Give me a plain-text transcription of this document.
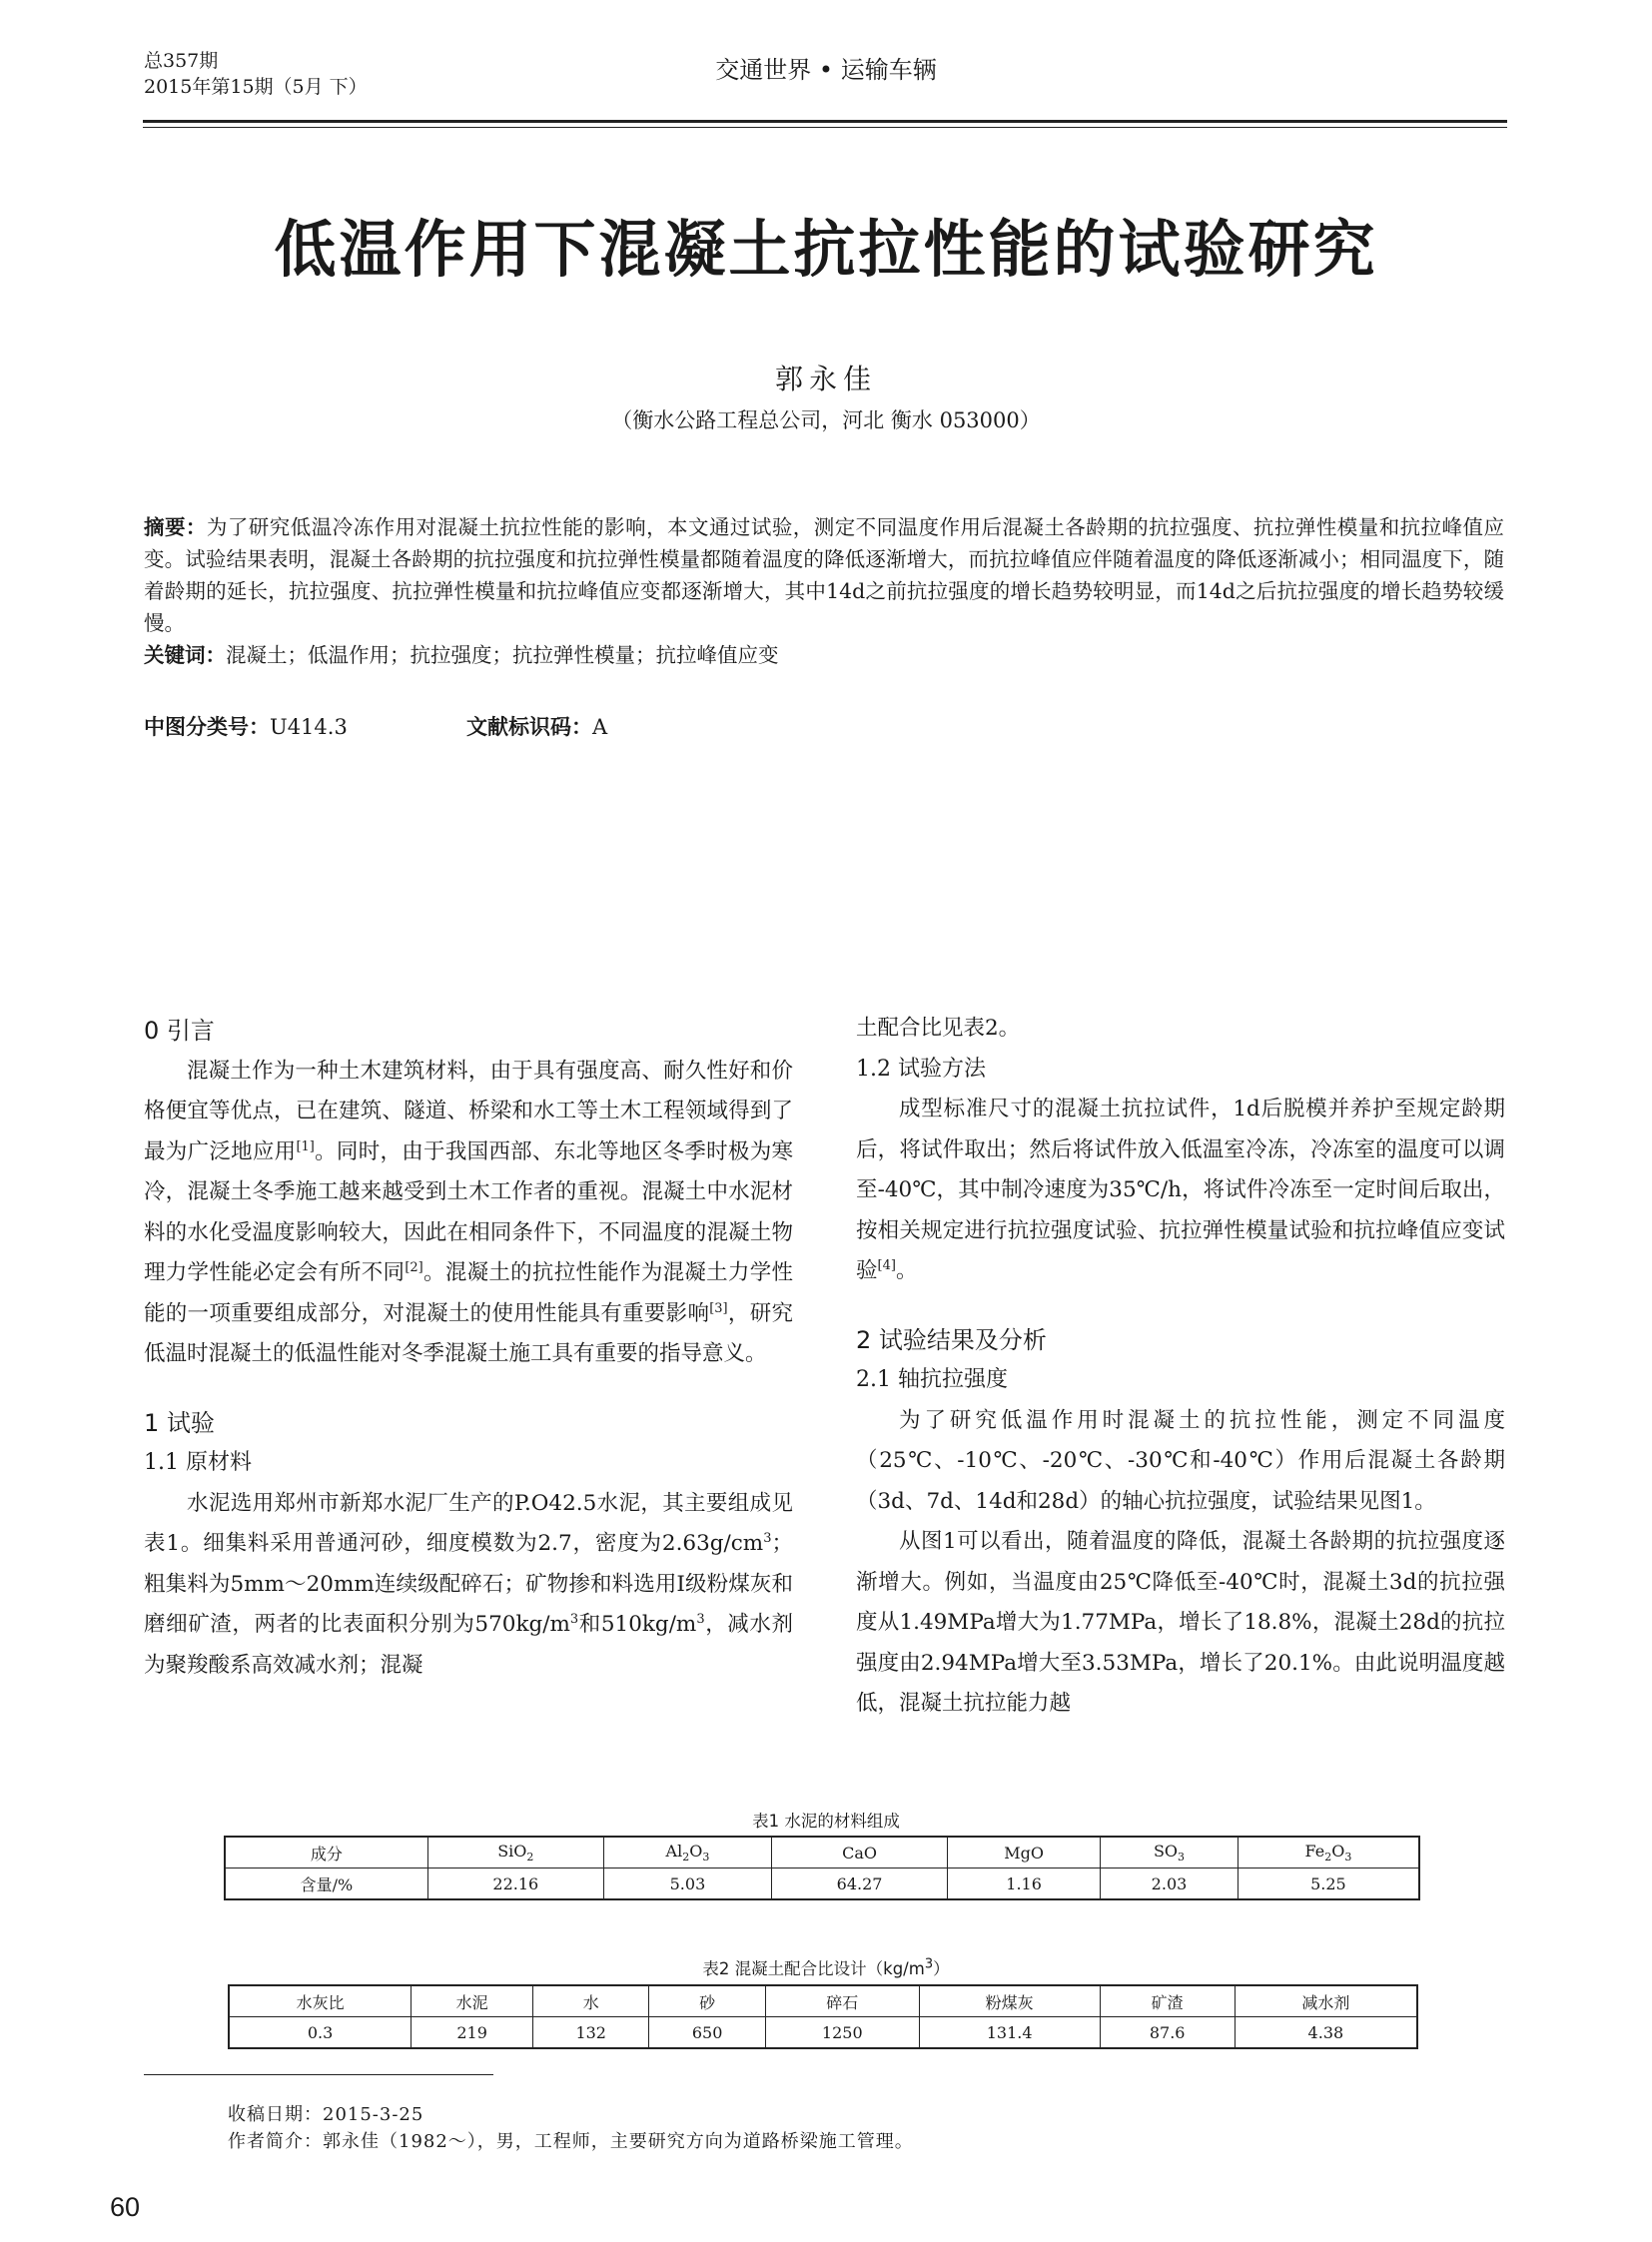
总357期
2015年第15期（5月 下）
交通世界 • 运输车辆
低温作用下混凝土抗拉性能的试验研究
郭永佳
（衡水公路工程总公司，河北 衡水 053000）
摘要：为了研究低温冷冻作用对混凝土抗拉性能的影响，本文通过试验，测定不同温度作用后混凝土各龄期的抗拉强度、抗拉弹性模量和抗拉峰值应变。试验结果表明，混凝土各龄期的抗拉强度和抗拉弹性模量都随着温度的降低逐渐增大，而抗拉峰值应伴随着温度的降低逐渐减小；相同温度下，随着龄期的延长，抗拉强度、抗拉弹性模量和抗拉峰值应变都逐渐增大，其中14d之前抗拉强度的增长趋势较明显，而14d之后抗拉强度的增长趋势较缓慢。
关键词：混凝土；低温作用；抗拉强度；抗拉弹性模量；抗拉峰值应变
中图分类号：U414.3	文献标识码：A
0 引言

混凝土作为一种土木建筑材料，由于具有强度高、耐久性好和价格便宜等优点，已在建筑、隧道、桥梁和水工等土木工程领域得到了最为广泛地应用[1]。同时，由于我国西部、东北等地区冬季时极为寒冷，混凝土冬季施工越来越受到土木工作者的重视。混凝土中水泥材料的水化受温度影响较大，因此在相同条件下，不同温度的混凝土物理力学性能必定会有所不同[2]。混凝土的抗拉性能作为混凝土力学性能的一项重要组成部分，对混凝土的使用性能具有重要影响[3]，研究低温时混凝土的低温性能对冬季混凝土施工具有重要的指导意义。

1 试验
1.1 原材料

水泥选用郑州市新郑水泥厂生产的P.O42.5水泥，其主要组成见表1。细集料采用普通河砂，细度模数为2.7，密度为$2.63g/cm^3$；粗集料为5mm～20mm连续级配碎石；矿物掺和料选用Ⅰ级粉煤灰和磨细矿渣，两者的比表面积分别为$570kg/m^3$和$510kg/m^3$，减水剂为聚羧酸系高效减水剂；混凝

土配合比见表2。
1.2 试验方法

成型标准尺寸的混凝土抗拉试件，1d后脱模并养护至规定龄期后，将试件取出；然后将试件放入低温室冷冻，冷冻室的温度可以调至-40℃，其中制冷速度为35℃/h，将试件冷冻至一定时间后取出，按相关规定进行抗拉强度试验、抗拉弹性模量试验和抗拉峰值应变试验[4]。

2 试验结果及分析
2.1 轴抗拉强度

为了研究低温作用时混凝土的抗拉性能，测定不同温度（25℃、-10℃、-20℃、-30℃和-40℃）作用后混凝土各龄期（3d、7d、14d和28d）的轴心抗拉强度，试验结果见图1。

从图1可以看出，随着温度的降低，混凝土各龄期的抗拉强度逐渐增大。例如，当温度由25℃降低至-40℃时，混凝土3d的抗拉强度从1.49MPa增大为1.77MPa，增长了18.8%，混凝土28d的抗拉强度由2.94MPa增大至3.53MPa，增长了20.1%。由此说明温度越低，混凝土抗拉能力越

表1 水泥的材料组成
成分	SiO$_2$	$Al_2O_3$	CaO	MgO	$SO_3$	$Fe_2O_3$
含量/%	22.16	5.03	64.27	1.16	2.03	5.25
表2 混凝土配合比设计$(kg/m^3)$
水灰比	水泥	水	砂	碎石	粉煤灰	矿渣	减水剂
0.3	219	132	650	1250	131.4	87.6	4.38
收稿日期：2015-3-25
作者简介：郭永佳（1982～），男，工程师，主要研究方向为道路桥梁施工管理。
60
